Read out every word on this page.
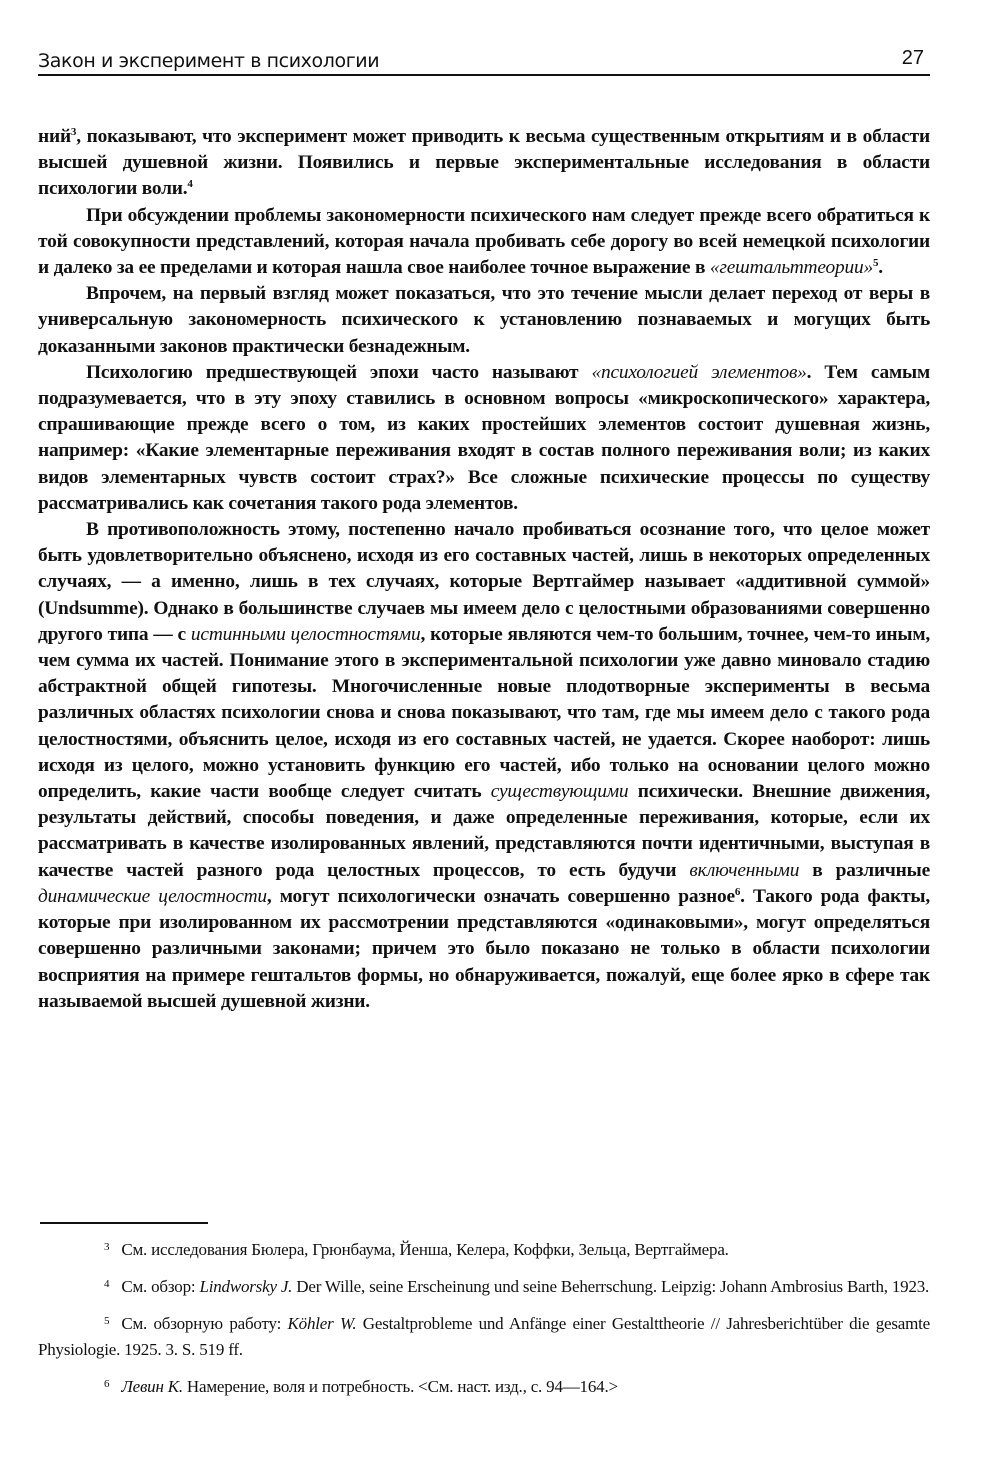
Закон и эксперимент в психологии	27

ний$^3$, показывают, что эксперимент может приводить к весьма существенным открытиям и в области высшей душевной жизни. Появились и первые экспериментальные исследования в области психологии воли.$^4$

При обсуждении проблемы закономерности психического нам следует прежде всего обратиться к той совокупности представлений, которая начала пробивать себе дорогу во всей немецкой психологии и далеко за ее пределами и которая нашла свое наиболее точное выражение в «гештальттеории»$^5$.

Впрочем, на первый взгляд может показаться, что это течение мысли делает переход от веры в универсальную закономерность психического к установлению познаваемых и могущих быть доказанными законов практически безнадежным.

Психологию предшествующей эпохи часто называют «психологией элементов». Тем самым подразумевается, что в эту эпоху ставились в основном вопросы «микроскопического» характера, спрашивающие прежде всего о том, из каких простейших элементов состоит душевная жизнь, например: «Какие элементарные переживания входят в состав полного переживания воли; из каких видов элементарных чувств состоит страх?» Все сложные психические процессы по существу рассматривались как сочетания такого рода элементов.

В противоположность этому, постепенно начало пробиваться осознание того, что целое может быть удовлетворительно объяснено, исходя из его составных частей, лишь в некоторых определенных случаях, — а именно, лишь в тех случаях, которые Вертгаймер называет «аддитивной суммой» (Undsumme). Однако в большинстве случаев мы имеем дело с целостными образованиями совершенно другого типа — с истинными целостностями, которые являются чем-то большим, точнее, чем-то иным, чем сумма их частей. Понимание этого в экспериментальной психологии уже давно миновало стадию абстрактной общей гипотезы. Многочисленные новые плодотворные эксперименты в весьма различных областях психологии снова и снова показывают, что там, где мы имеем дело с такого рода целостностями, объяснить целое, исходя из его составных частей, не удается. Скорее наоборот: лишь исходя из целого, можно установить функцию его частей, ибо только на основании целого можно определить, какие части вообще следует считать существующими психически. Внешние движения, результаты действий, способы поведения, и даже определенные переживания, которые, если их рассматривать в качестве изолированных явлений, представляются почти идентичными, выступая в качестве частей разного рода целостных процессов, то есть будучи включенными в различные динамические целостности, могут психологически означать совершенно разное$^6$. Такого рода факты, которые при изолированном их рассмотрении представляются «одинаковыми», могут определяться совершенно различными законами; причем это было показано не только в области психологии восприятия на примере гештальтов формы, но обнаруживается, пожалуй, еще более ярко в сфере так называемой высшей душевной жизни.

$^3$ См. исследования Бюлера, Грюнбаума, Йенша, Келера, Коффки, Зельца, Вертгаймера.

$^4$ См. обзор: Lindworsky J. Der Wille, seine Erscheinung und seine Beherrschung. Leipzig: Johann Ambrosius Barth, 1923.

$^5$ См. обзорную работу: Köhler W. Gestaltprobleme und Anfänge einer Gestalttheorie // Jahresberichtüber die gesamte Physiologie. 1925. 3. S. 519 ff.

$^6$ Левин К. Намерение, воля и потребность. <См. наст. изд., с. 94—164.>
